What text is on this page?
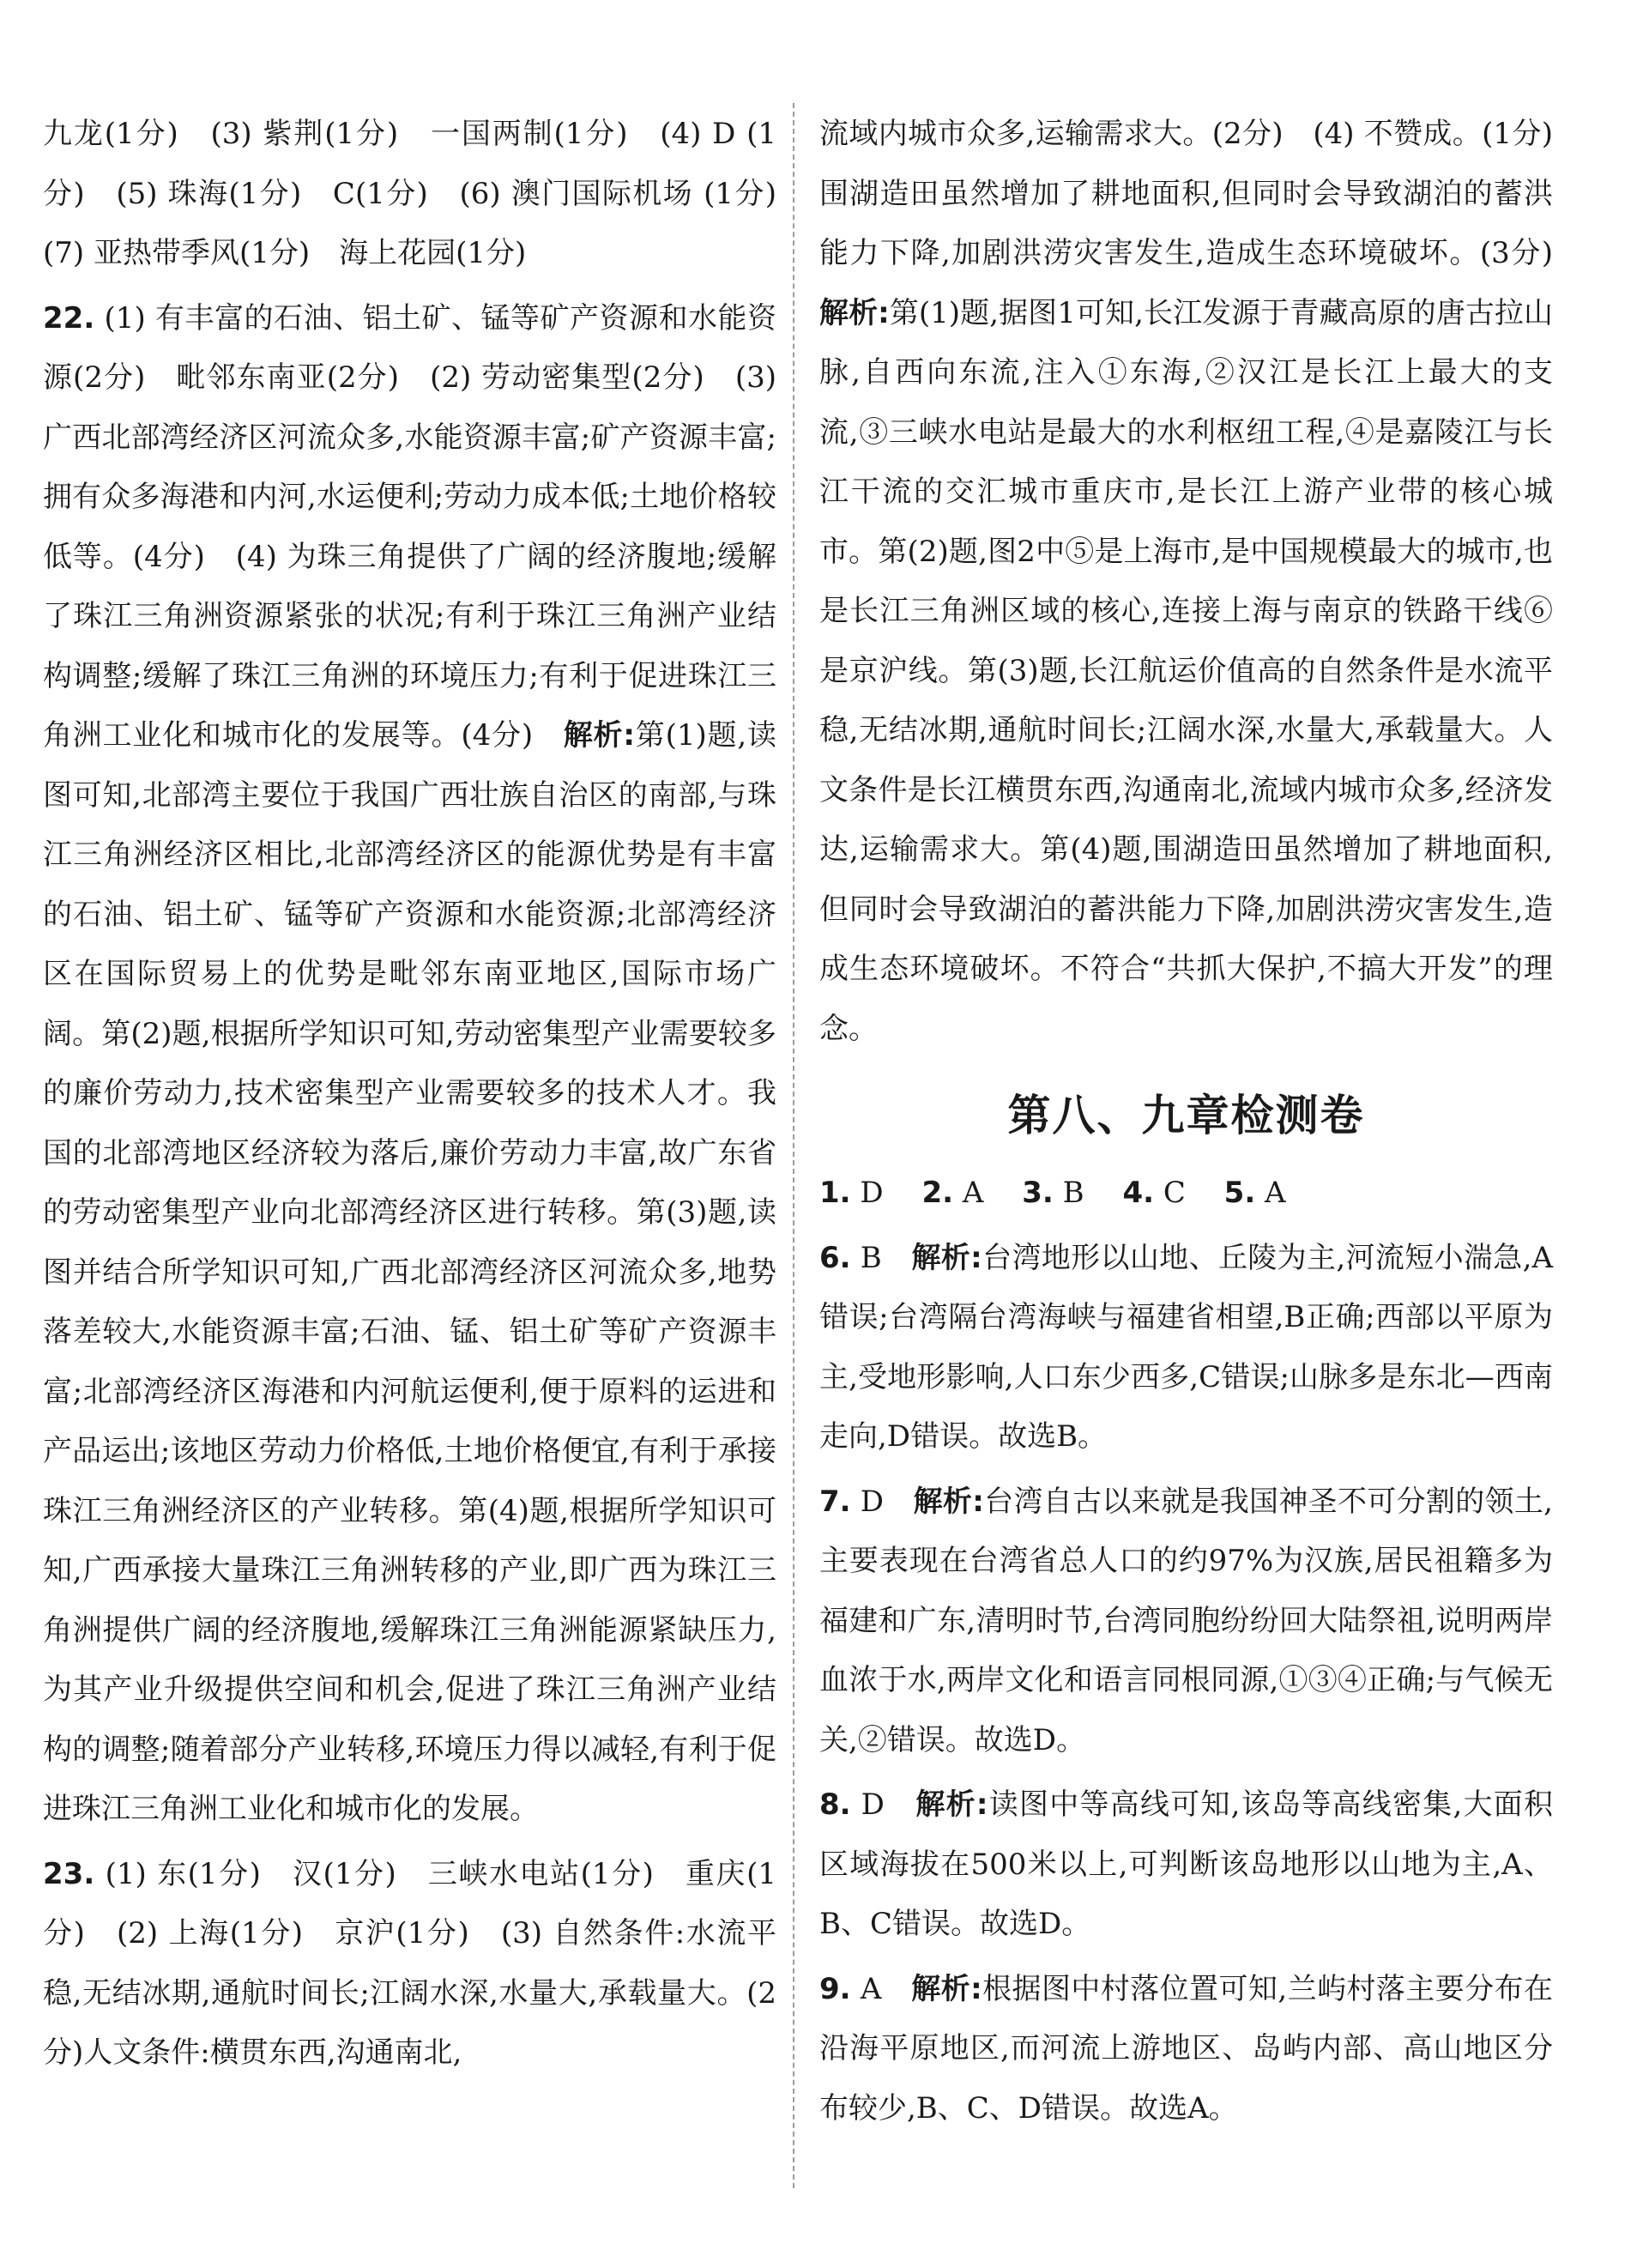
九龙(1分)　(3) 紫荆(1分)　一国两制(1分)　(4) D (1分)　(5) 珠海(1分)　C(1分)　(6) 澳门国际机场 (1分)　(7) 亚热带季风(1分)　海上花园(1分)

22. (1) 有丰富的石油、铝土矿、锰等矿产资源和水能资源(2分)　毗邻东南亚(2分)　(2) 劳动密集型(2分)　(3) 广西北部湾经济区河流众多,水能资源丰富;矿产资源丰富;拥有众多海港和内河,水运便利;劳动力成本低;土地价格较低等。(4分)　(4) 为珠三角提供了广阔的经济腹地;缓解了珠江三角洲资源紧张的状况;有利于珠江三角洲产业结构调整;缓解了珠江三角洲的环境压力;有利于促进珠江三角洲工业化和城市化的发展等。(4分)　解析:第(1)题,读图可知,北部湾主要位于我国广西壮族自治区的南部,与珠江三角洲经济区相比,北部湾经济区的能源优势是有丰富的石油、铝土矿、锰等矿产资源和水能资源;北部湾经济区在国际贸易上的优势是毗邻东南亚地区,国际市场广阔。第(2)题,根据所学知识可知,劳动密集型产业需要较多的廉价劳动力,技术密集型产业需要较多的技术人才。我国的北部湾地区经济较为落后,廉价劳动力丰富,故广东省的劳动密集型产业向北部湾经济区进行转移。第(3)题,读图并结合所学知识可知,广西北部湾经济区河流众多,地势落差较大,水能资源丰富;石油、锰、铝土矿等矿产资源丰富;北部湾经济区海港和内河航运便利,便于原料的运进和产品运出;该地区劳动力价格低,土地价格便宜,有利于承接珠江三角洲经济区的产业转移。第(4)题,根据所学知识可知,广西承接大量珠江三角洲转移的产业,即广西为珠江三角洲提供广阔的经济腹地,缓解珠江三角洲能源紧缺压力,为其产业升级提供空间和机会,促进了珠江三角洲产业结构的调整;随着部分产业转移,环境压力得以减轻,有利于促进珠江三角洲工业化和城市化的发展。

23. (1) 东(1分)　汉(1分)　三峡水电站(1分)　重庆(1分)　(2) 上海(1分)　京沪(1分)　(3) 自然条件:水流平稳,无结冰期,通航时间长;江阔水深,水量大,承载量大。(2分)人文条件:横贯东西,沟通南北,

流域内城市众多,运输需求大。(2分)　(4) 不赞成。(1分)围湖造田虽然增加了耕地面积,但同时会导致湖泊的蓄洪能力下降,加剧洪涝灾害发生,造成生态环境破坏。(3分)　解析:第(1)题,据图1可知,长江发源于青藏高原的唐古拉山脉,自西向东流,注入①东海,②汉江是长江上最大的支流,③三峡水电站是最大的水利枢纽工程,④是嘉陵江与长江干流的交汇城市重庆市,是长江上游产业带的核心城市。第(2)题,图2中⑤是上海市,是中国规模最大的城市,也是长江三角洲区域的核心,连接上海与南京的铁路干线⑥是京沪线。第(3)题,长江航运价值高的自然条件是水流平稳,无结冰期,通航时间长;江阔水深,水量大,承载量大。人文条件是长江横贯东西,沟通南北,流域内城市众多,经济发达,运输需求大。第(4)题,围湖造田虽然增加了耕地面积,但同时会导致湖泊的蓄洪能力下降,加剧洪涝灾害发生,造成生态环境破坏。不符合“共抓大保护,不搞大开发”的理念。

第八、九章检测卷

1. D　 2. A　 3. B　 4. C　 5. A

6. B　解析:台湾地形以山地、丘陵为主,河流短小湍急,A错误;台湾隔台湾海峡与福建省相望,B正确;西部以平原为主,受地形影响,人口东少西多,C错误;山脉多是东北—西南走向,D错误。故选B。

7. D　解析:台湾自古以来就是我国神圣不可分割的领土,主要表现在台湾省总人口的约97%为汉族,居民祖籍多为福建和广东,清明时节,台湾同胞纷纷回大陆祭祖,说明两岸血浓于水,两岸文化和语言同根同源,①③④正确;与气候无关,②错误。故选D。

8. D　解析:读图中等高线可知,该岛等高线密集,大面积区域海拔在500米以上,可判断该岛地形以山地为主,A、B、C错误。故选D。

9. A　解析:根据图中村落位置可知,兰屿村落主要分布在沿海平原地区,而河流上游地区、岛屿内部、高山地区分布较少,B、C、D错误。故选A。
